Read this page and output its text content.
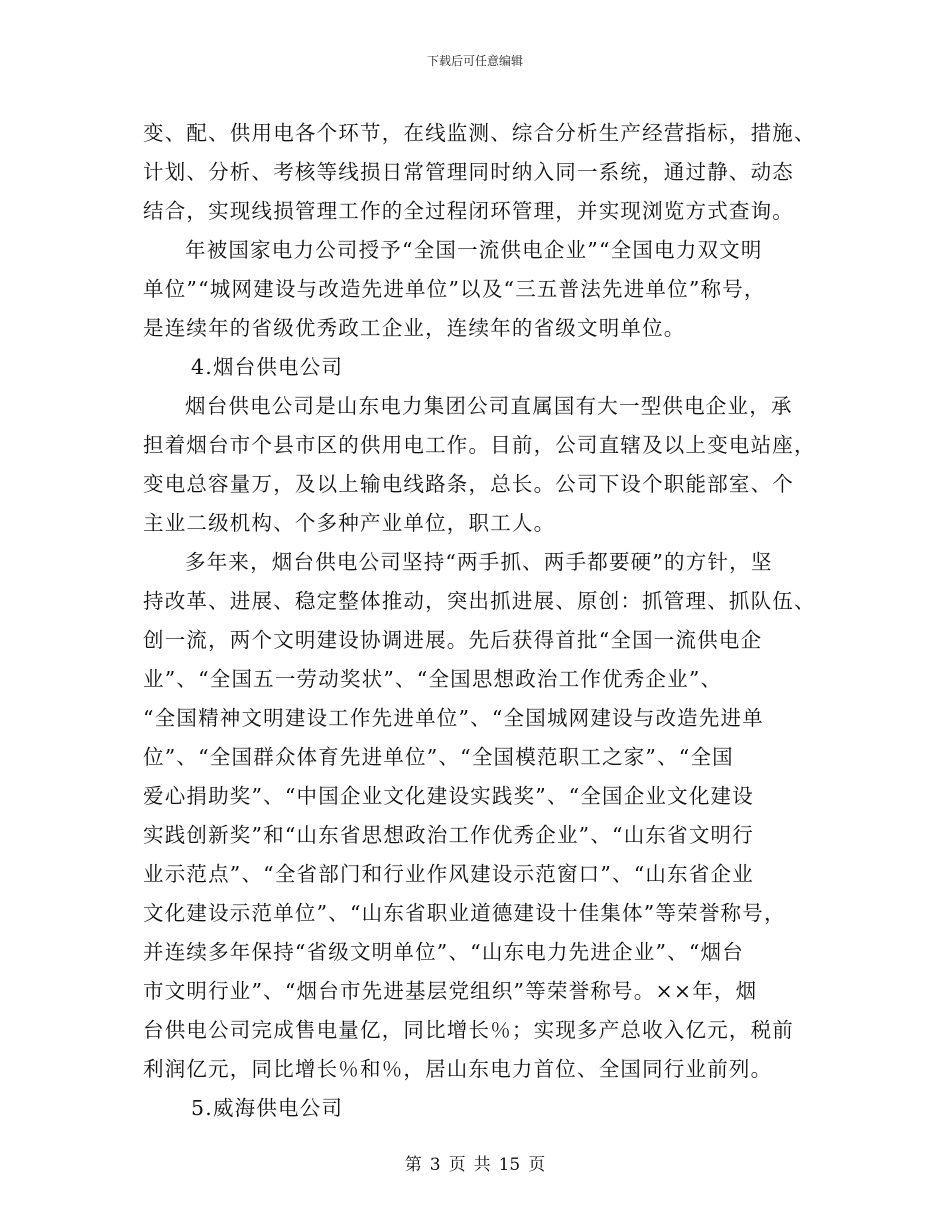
下载后可任意编辑
变、配、供用电各个环节，在线监测、综合分析生产经营指标，措施、
计划、分析、考核等线损日常管理同时纳入同一系统，通过静、动态
结合，实现线损管理工作的全过程闭环管理，并实现浏览方式查询。
年被国家电力公司授予“全国一流供电企业”“全国电力双文明
单位”“城网建设与改造先进单位”以及“三五普法先进单位”称号，
是连续年的省级优秀政工企业，连续年的省级文明单位。
4.烟台供电公司
烟台供电公司是山东电力集团公司直属国有大一型供电企业，承
担着烟台市个县市区的供用电工作。目前，公司直辖及以上变电站座，
变电总容量万，及以上输电线路条，总长。公司下设个职能部室、个
主业二级机构、个多种产业单位，职工人。
多年来，烟台供电公司坚持“两手抓、两手都要硬”的方针，坚
持改革、进展、稳定整体推动，突出抓进展、原创：抓管理、抓队伍、
创一流，两个文明建设协调进展。先后获得首批“全国一流供电企
业”、“全国五一劳动奖状”、“全国思想政治工作优秀企业”、
“全国精神文明建设工作先进单位”、“全国城网建设与改造先进单
位”、“全国群众体育先进单位”、“全国模范职工之家”、“全国
爱心捐助奖”、“中国企业文化建设实践奖”、“全国企业文化建设
实践创新奖”和“山东省思想政治工作优秀企业”、“山东省文明行
业示范点”、“全省部门和行业作风建设示范窗口”、“山东省企业
文化建设示范单位”、“山东省职业道德建设十佳集体”等荣誉称号，
并连续多年保持“省级文明单位”、“山东电力先进企业”、“烟台
市文明行业”、“烟台市先进基层党组织”等荣誉称号。××年，烟
台供电公司完成售电量亿，同比增长％；实现多产总收入亿元，税前
利润亿元，同比增长％和％，居山东电力首位、全国同行业前列。
5.威海供电公司
第 3 页 共 15 页
